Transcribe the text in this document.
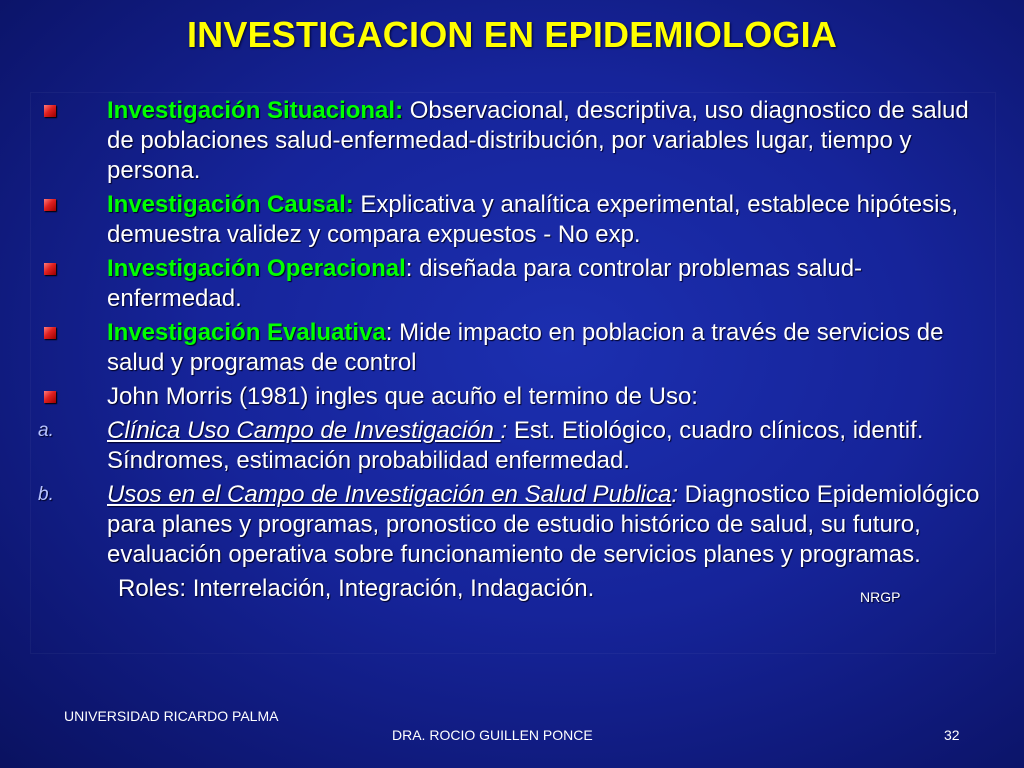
INVESTIGACION EN EPIDEMIOLOGIA
Investigación Situacional: Observacional, descriptiva, uso diagnostico de salud de poblaciones salud-enfermedad-distribución, por variables lugar, tiempo y persona.
Investigación Causal: Explicativa y analítica experimental, establece hipótesis, demuestra validez y compara expuestos - No exp.
Investigación Operacional: diseñada para controlar problemas salud-enfermedad.
Investigación Evaluativa: Mide impacto en poblacion a través de servicios de salud y programas de control
John Morris (1981) ingles que acuño el termino de Uso:
a. Clínica Uso Campo de Investigación : Est. Etiológico, cuadro clínicos, identif. Síndromes, estimación probabilidad enfermedad.
b. Usos en el Campo de Investigación en Salud Publica: Diagnostico Epidemiológico para planes y programas, pronostico de estudio histórico de salud, su futuro, evaluación operativa sobre funcionamiento de servicios planes y programas.
Roles: Interrelación, Integración, Indagación.	NRGP
UNIVERSIDAD RICARDO PALMA
DRA. ROCIO GUILLEN PONCE	32
